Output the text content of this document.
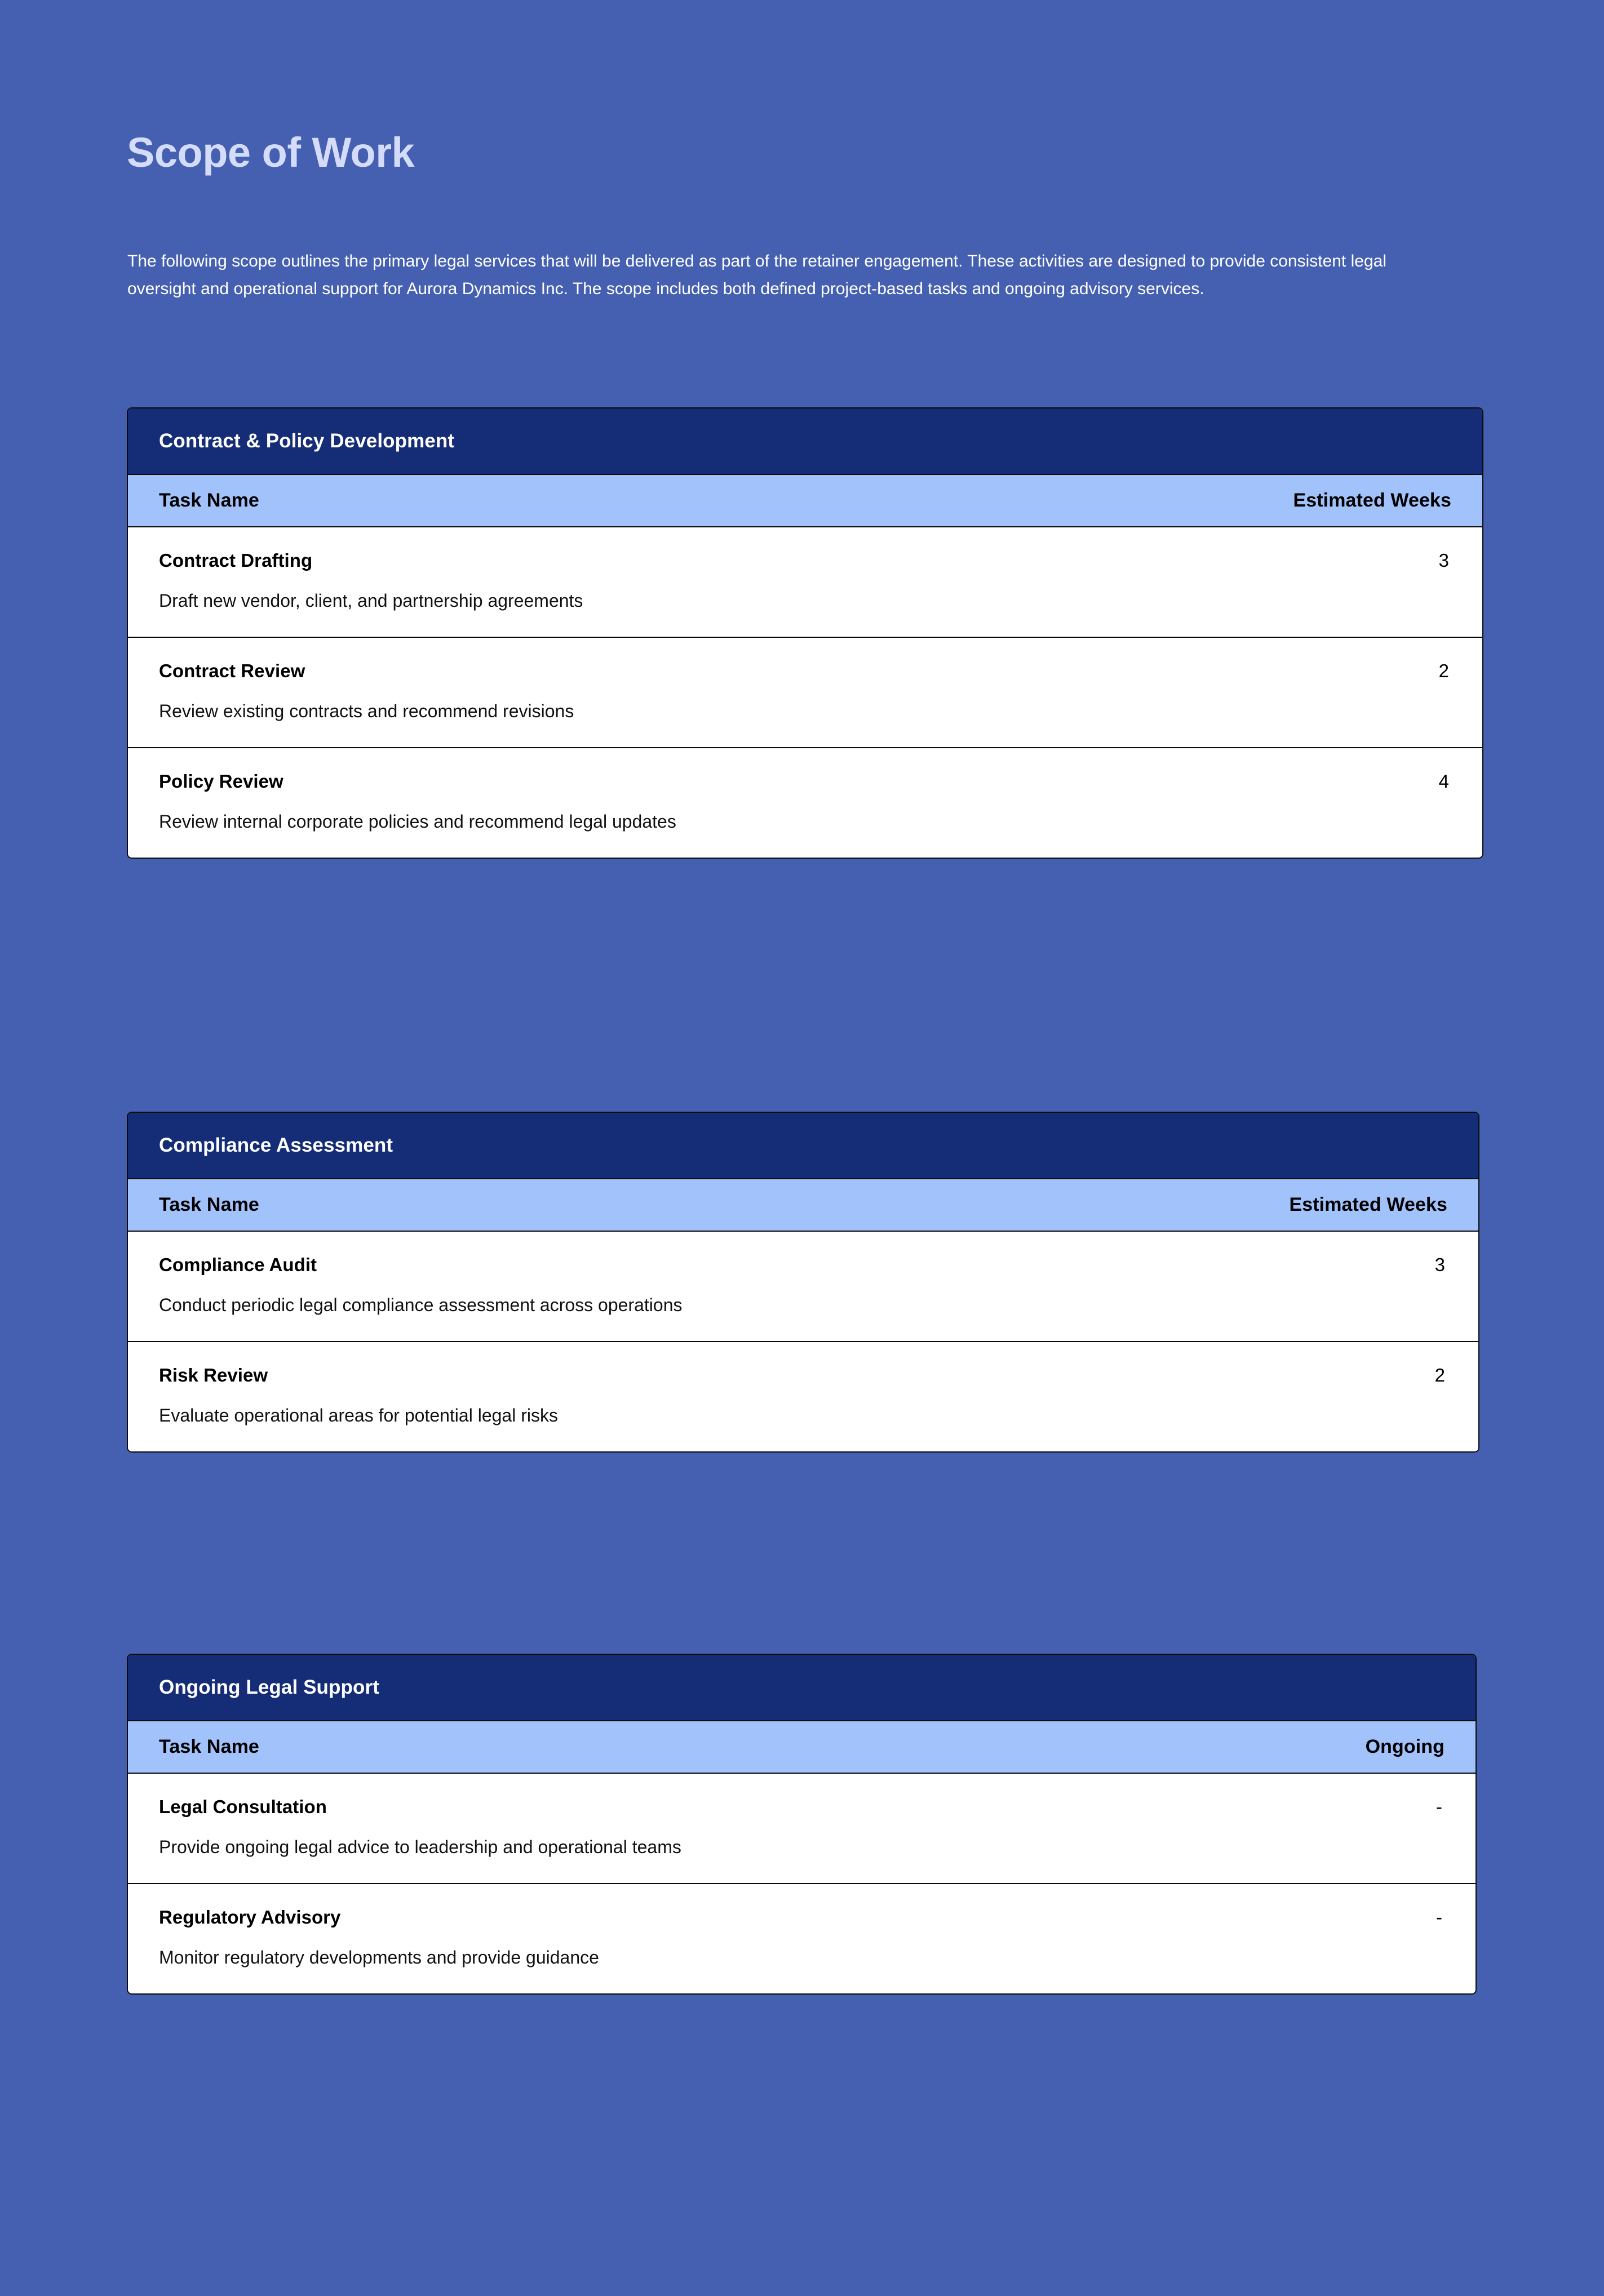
Scope of Work

The following scope outlines the primary legal services that will be delivered as part of the retainer engagement. These activities are designed to provide consistent legal oversight and operational support for Aurora Dynamics Inc. The scope includes both defined project-based tasks and ongoing advisory services.

Contract & Policy Development
Task Name	Estimated Weeks
Contract Drafting	3
Draft new vendor, client, and partnership agreements
Contract Review	2
Review existing contracts and recommend revisions
Policy Review	4
Review internal corporate policies and recommend legal updates
Compliance Assessment
Task Name	Estimated Weeks
Compliance Audit	3
Conduct periodic legal compliance assessment across operations
Risk Review	2
Evaluate operational areas for potential legal risks
Ongoing Legal Support
Task Name	Ongoing
Legal Consultation	-
Provide ongoing legal advice to leadership and operational teams
Regulatory Advisory	-
Monitor regulatory developments and provide guidance
